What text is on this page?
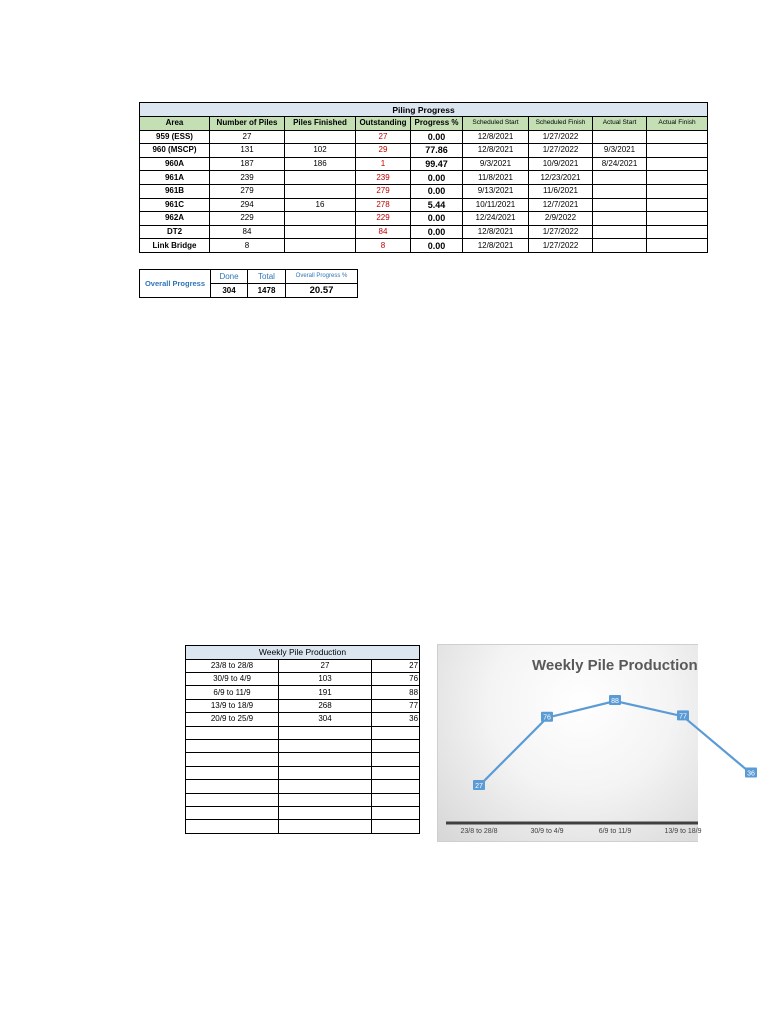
Piling Progress								
Area	Number of Piles	Piles Finished	Outstanding	Progress %	Scheduled Start	Scheduled Finish	Actual Start	Actual Finish
959 (ESS)	27		27	0.00	12/8/2021	1/27/2022		
960 (MSCP)	131	102	29	77.86	12/8/2021	1/27/2022	9/3/2021	
960A	187	186	1	99.47	9/3/2021	10/9/2021	8/24/2021	
961A	239		239	0.00	11/8/2021	12/23/2021		
961B	279		279	0.00	9/13/2021	11/6/2021		
961C	294	16	278	5.44	10/11/2021	12/7/2021		
962A	229		229	0.00	12/24/2021	2/9/2022		
DT2	84		84	0.00	12/8/2021	1/27/2022		
Link Bridge	8		8	0.00	12/8/2021	1/27/2022		
Overall Progress	Done	Total	Overall Progress %
	304	1478	20.57
Weekly Pile Production		
23/8 to 28/8	27	27
30/9 to 4/9	103	76
6/9 to 11/9	191	88
13/9 to 18/9	268	77
20/9 to 25/9	304	36

Weekly Pile Production
27
76
88
77
36
23/8 to 28/8	30/9 to 4/9	6/9 to 11/9	13/9 to 18/9
